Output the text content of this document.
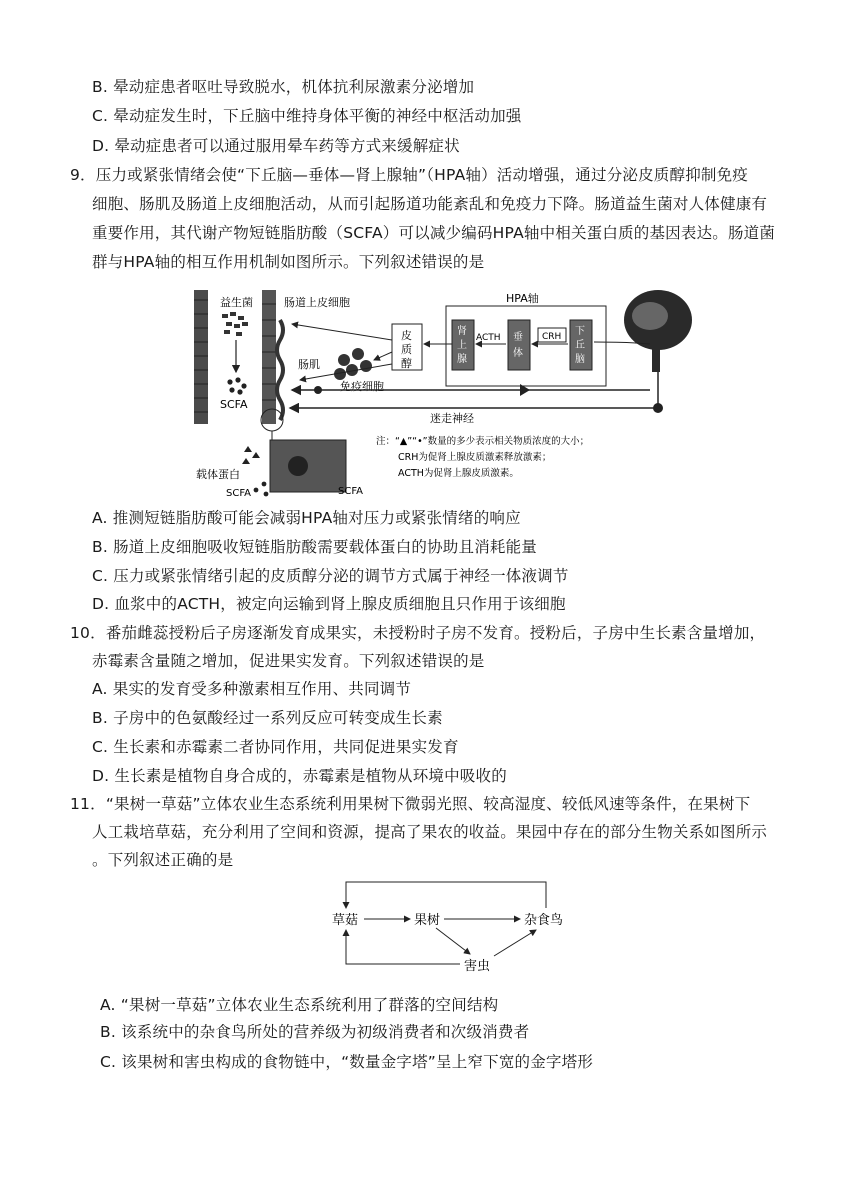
B. 晕动症患者呕吐导致脱水，机体抗利尿激素分泌增加
C. 晕动症发生时，下丘脑中维持身体平衡的神经中枢活动加强
D. 晕动症患者可以通过服用晕车药等方式来缓解症状
9．压力或紧张情绪会使“下丘脑—垂体—肾上腺轴”（HPA轴）活动增强，通过分泌皮质醇抑制免疫
细胞、肠肌及肠道上皮细胞活动，从而引起肠道功能紊乱和免疫力下降。肠道益生菌对人体健康有
重要作用，其代谢产物短链脂肪酸（SCFA）可以减少编码HPA轴中相关蛋白质的基因表达。肠道菌
群与HPA轴的相互作用机制如图所示。下列叙述错误的是
益生菌
SCFA
肠道上皮细胞
肠肌
免疫细胞
皮
质
醇
HPA轴
肾
上
腺
ACTH 垂
体
CRH 下
丘
脑
迷走神经
载体蛋白
SCFA	SCFA
注：“▲”“•”数量的多少表示相关物质浓度的大小；
CRH为促肾上腺皮质激素释放激素；
ACTH为促肾上腺皮质激素。
A. 推测短链脂肪酸可能会减弱HPA轴对压力或紧张情绪的响应
B. 肠道上皮细胞吸收短链脂肪酸需要载体蛋白的协助且消耗能量
C. 压力或紧张情绪引起的皮质醇分泌的调节方式属于神经一体液调节
D. 血浆中的ACTH，被定向运输到肾上腺皮质细胞且只作用于该细胞
10．番茄雌蕊授粉后子房逐渐发育成果实，未授粉时子房不发育。授粉后，子房中生长素含量增加，
赤霉素含量随之增加，促进果实发育。下列叙述错误的是
A. 果实的发育受多种激素相互作用、共同调节
B. 子房中的色氨酸经过一系列反应可转变成生长素
C. 生长素和赤霉素二者协同作用，共同促进果实发育
D. 生长素是植物自身合成的，赤霉素是植物从环境中吸收的
11．“果树一草菇”立体农业生态系统利用果树下微弱光照、较高湿度、较低风速等条件，在果树下
人工栽培草菇，充分利用了空间和资源，提高了果农的收益。果园中存在的部分生物关系如图所示
。下列叙述正确的是
草菇	果树	杂食鸟
害虫
A. “果树一草菇”立体农业生态系统利用了群落的空间结构
B. 该系统中的杂食鸟所处的营养级为初级消费者和次级消费者
C. 该果树和害虫构成的食物链中，“数量金字塔”呈上窄下宽的金字塔形
